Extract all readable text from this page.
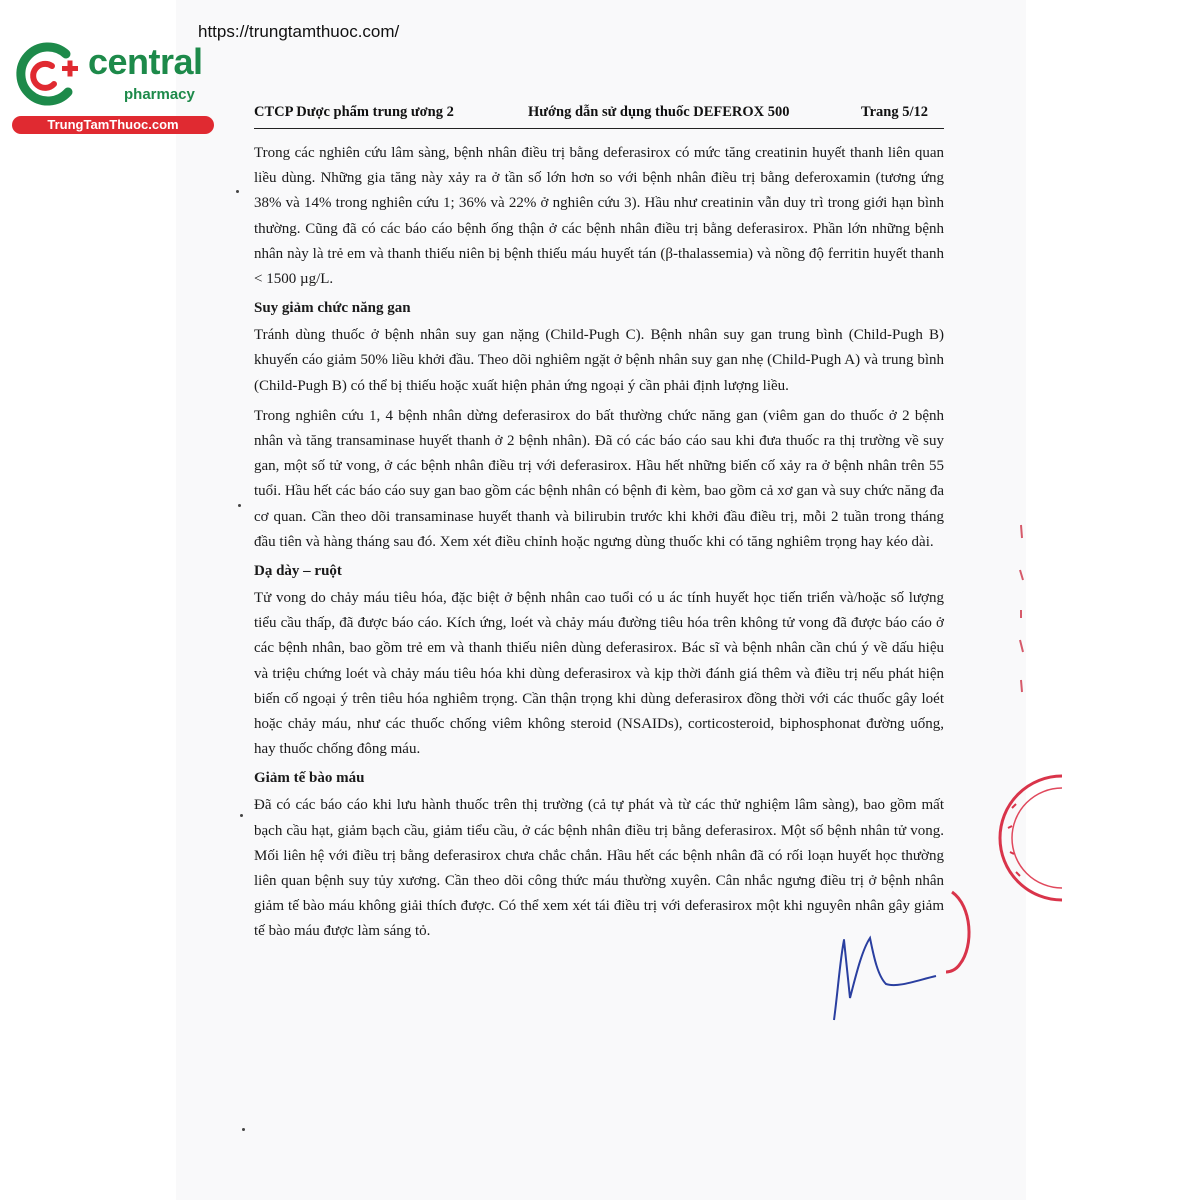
https://trungtamthuoc.com/
central
pharmacy
TrungTamThuoc.com
CTCP Dược phẩm trung ương 2	Hướng dẫn sử dụng thuốc DEFEROX 500	Trang 5/12

Trong các nghiên cứu lâm sàng, bệnh nhân điều trị bằng deferasirox có mức tăng creatinin huyết thanh liên quan liều dùng. Những gia tăng này xảy ra ở tần số lớn hơn so với bệnh nhân điều trị bằng deferoxamin (tương ứng 38% và 14% trong nghiên cứu 1; 36% và 22% ở nghiên cứu 3). Hầu như creatinin vẫn duy trì trong giới hạn bình thường. Cũng đã có các báo cáo bệnh ống thận ở các bệnh nhân điều trị bằng deferasirox. Phần lớn những bệnh nhân này là trẻ em và thanh thiếu niên bị bệnh thiếu máu huyết tán (β-thalassemia) và nồng độ ferritin huyết thanh < 1500 µg/L.

Suy giảm chức năng gan

Tránh dùng thuốc ở bệnh nhân suy gan nặng (Child-Pugh C). Bệnh nhân suy gan trung bình (Child-Pugh B) khuyến cáo giảm 50% liều khởi đầu. Theo dõi nghiêm ngặt ở bệnh nhân suy gan nhẹ (Child-Pugh A) và trung bình (Child-Pugh B) có thể bị thiếu hoặc xuất hiện phản ứng ngoại ý cần phải định lượng liều.

Trong nghiên cứu 1, 4 bệnh nhân dừng deferasirox do bất thường chức năng gan (viêm gan do thuốc ở 2 bệnh nhân và tăng transaminase huyết thanh ở 2 bệnh nhân). Đã có các báo cáo sau khi đưa thuốc ra thị trường về suy gan, một số tử vong, ở các bệnh nhân điều trị với deferasirox. Hầu hết những biến cố xảy ra ở bệnh nhân trên 55 tuổi. Hầu hết các báo cáo suy gan bao gồm các bệnh nhân có bệnh đi kèm, bao gồm cả xơ gan và suy chức năng đa cơ quan. Cần theo dõi transaminase huyết thanh và bilirubin trước khi khởi đầu điều trị, mỗi 2 tuần trong tháng đầu tiên và hàng tháng sau đó. Xem xét điều chỉnh hoặc ngưng dùng thuốc khi có tăng nghiêm trọng hay kéo dài.

Dạ dày – ruột

Tử vong do chảy máu tiêu hóa, đặc biệt ở bệnh nhân cao tuổi có u ác tính huyết học tiến triển và/hoặc số lượng tiểu cầu thấp, đã được báo cáo. Kích ứng, loét và chảy máu đường tiêu hóa trên không tử vong đã được báo cáo ở các bệnh nhân, bao gồm trẻ em và thanh thiếu niên dùng deferasirox. Bác sĩ và bệnh nhân cần chú ý về dấu hiệu và triệu chứng loét và chảy máu tiêu hóa khi dùng deferasirox và kịp thời đánh giá thêm và điều trị nếu phát hiện biến cố ngoại ý trên tiêu hóa nghiêm trọng. Cần thận trọng khi dùng deferasirox đồng thời với các thuốc gây loét hoặc chảy máu, như các thuốc chống viêm không steroid (NSAIDs), corticosteroid, biphosphonat đường uống, hay thuốc chống đông máu.

Giảm tế bào máu

Đã có các báo cáo khi lưu hành thuốc trên thị trường (cả tự phát và từ các thử nghiệm lâm sàng), bao gồm mất bạch cầu hạt, giảm bạch cầu, giảm tiểu cầu, ở các bệnh nhân điều trị bằng deferasirox. Một số bệnh nhân tử vong. Mối liên hệ với điều trị bằng deferasirox chưa chắc chắn. Hầu hết các bệnh nhân đã có rối loạn huyết học thường liên quan bệnh suy tủy xương. Cần theo dõi công thức máu thường xuyên. Cân nhắc ngưng điều trị ở bệnh nhân giảm tế bào máu không giải thích được. Có thể xem xét tái điều trị với deferasirox một khi nguyên nhân gây giảm tế bào máu được làm sáng tỏ.
